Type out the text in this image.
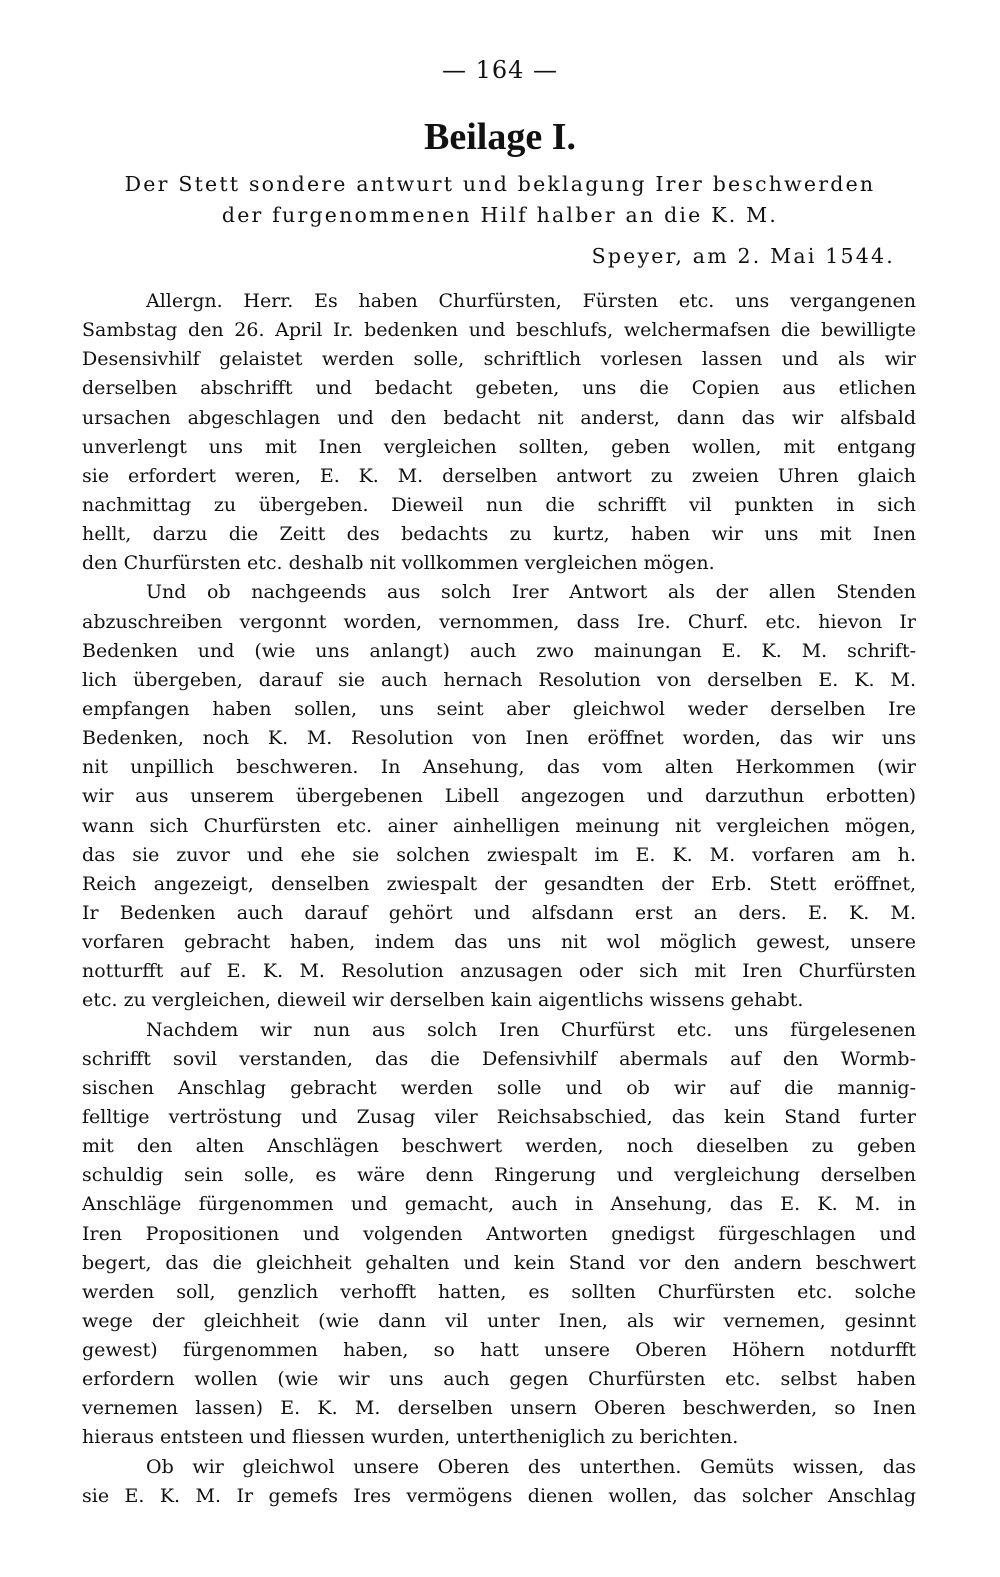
— 164 —
Beilage I.
Der Stett sondere antwurt und beklagung Irer beschwerden
der furgenommenen Hilf halber an die K. M.
Speyer, am 2. Mai 1544.
Allergn. Herr. Es haben Churfürsten, Fürsten etc. uns vergangenen
Sambstag den 26. April Ir. bedenken und beschlufs, welchermafsen die bewilligte
Desensivhilf gelaistet werden solle, schriftlich vorlesen lassen und als wir
derselben abschrifft und bedacht gebeten, uns die Copien aus etlichen
ursachen abgeschlagen und den bedacht nit anderst, dann das wir alfsbald
unverlengt uns mit Inen vergleichen sollten, geben wollen, mit entgang
sie erfordert weren, E. K. M. derselben antwort zu zweien Uhren glaich
nachmittag zu übergeben. Dieweil nun die schrifft vil punkten in sich
hellt, darzu die Zeitt des bedachts zu kurtz, haben wir uns mit Inen
den Churfürsten etc. deshalb nit vollkommen vergleichen mögen.
Und ob nachgeends aus solch Irer Antwort als der allen Stenden
abzuschreiben vergonnt worden, vernommen, dass Ire. Churf. etc. hievon Ir
Bedenken und (wie uns anlangt) auch zwo mainungan E. K. M. schrift-
lich übergeben, darauf sie auch hernach Resolution von derselben E. K. M.
empfangen haben sollen, uns seint aber gleichwol weder derselben Ire
Bedenken, noch K. M. Resolution von Inen eröffnet worden, das wir uns
nit unpillich beschweren. In Ansehung, das vom alten Herkommen (wir
wir aus unserem übergebenen Libell angezogen und darzuthun erbotten)
wann sich Churfürsten etc. ainer ainhelligen meinung nit vergleichen mögen,
das sie zuvor und ehe sie solchen zwiespalt im E. K. M. vorfaren am h.
Reich angezeigt, denselben zwiespalt der gesandten der Erb. Stett eröffnet,
Ir Bedenken auch darauf gehört und alfsdann erst an ders. E. K. M.
vorfaren gebracht haben, indem das uns nit wol möglich gewest, unsere
notturfft auf E. K. M. Resolution anzusagen oder sich mit Iren Churfürsten
etc. zu vergleichen, dieweil wir derselben kain aigentlichs wissens gehabt.
Nachdem wir nun aus solch Iren Churfürst etc. uns fürgelesenen
schrifft sovil verstanden, das die Defensivhilf abermals auf den Wormb-
sischen Anschlag gebracht werden solle und ob wir auf die mannig-
felltige vertröstung und Zusag viler Reichsabschied, das kein Stand furter
mit den alten Anschlägen beschwert werden, noch dieselben zu geben
schuldig sein solle, es wäre denn Ringerung und vergleichung derselben
Anschläge fürgenommen und gemacht, auch in Ansehung, das E. K. M. in
Iren Propositionen und volgenden Antworten gnedigst fürgeschlagen und
begert, das die gleichheit gehalten und kein Stand vor den andern beschwert
werden soll, genzlich verhofft hatten, es sollten Churfürsten etc. solche
wege der gleichheit (wie dann vil unter Inen, als wir vernemen, gesinnt
gewest) fürgenommen haben, so hatt unsere Oberen Höhern notdurfft
erfordern wollen (wie wir uns auch gegen Churfürsten etc. selbst haben
vernemen lassen) E. K. M. derselben unsern Oberen beschwerden, so Inen
hieraus entsteen und fliessen wurden, untertheniglich zu berichten.
Ob wir gleichwol unsere Oberen des unterthen. Gemüts wissen, das
sie E. K. M. Ir gemefs Ires vermögens dienen wollen, das solcher Anschlag
